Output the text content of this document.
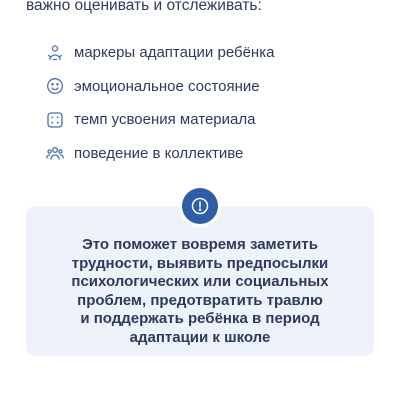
важно оценивать и отслеживать:

маркеры адаптации ребёнка
эмоциональное состояние
темп усвоения материала
поведение в коллективе

Это поможет вовремя заметить
трудности, выявить предпосылки
психологических или социальных
проблем, предотвратить травлю
и поддержать ребёнка в период
адаптации к школе
